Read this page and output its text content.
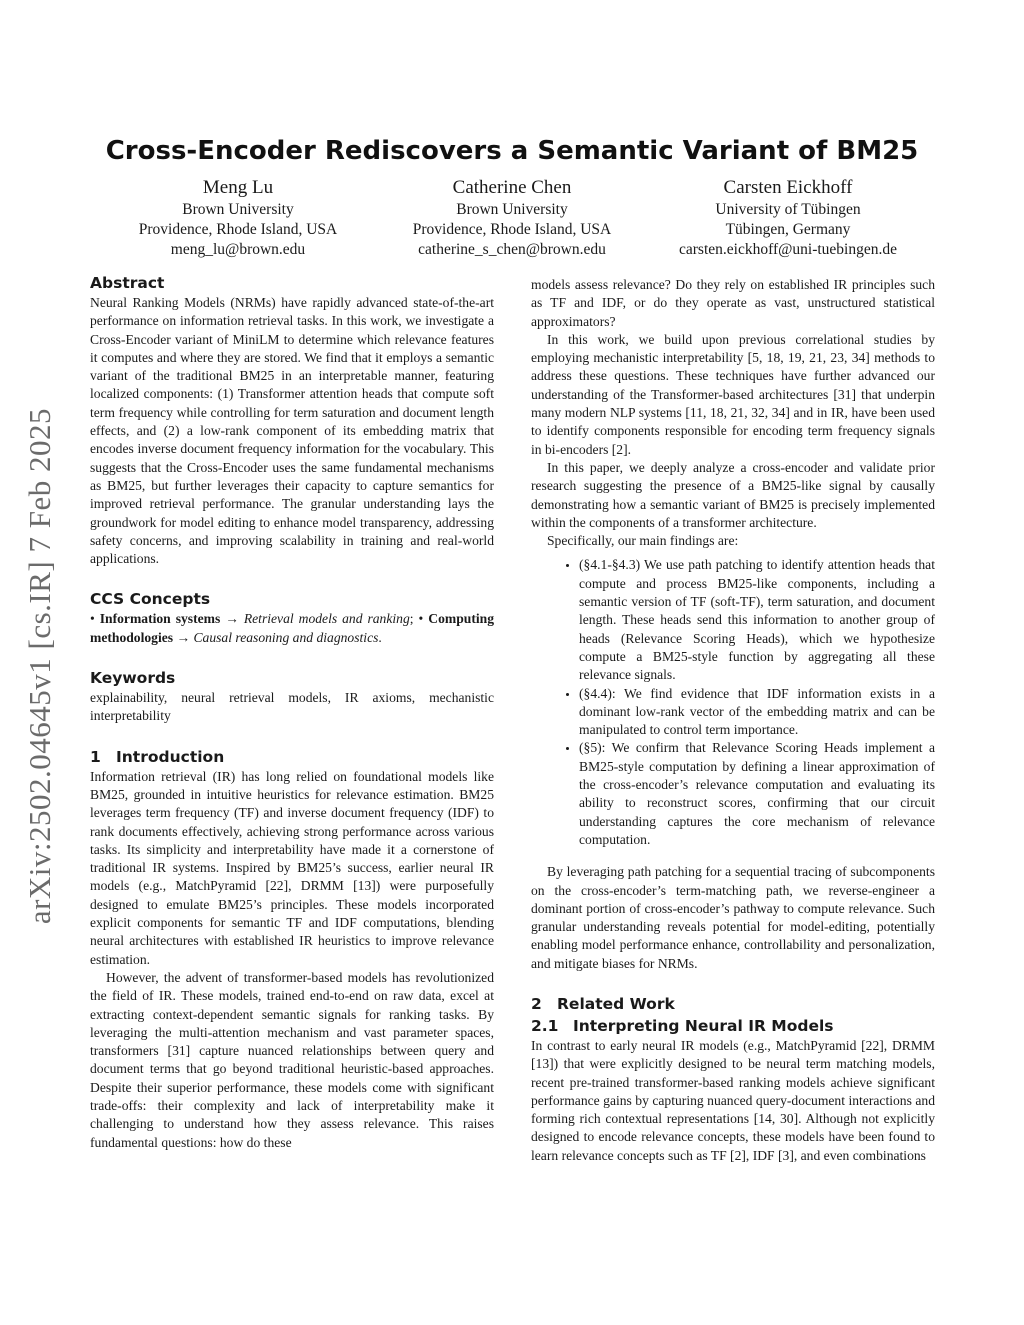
arXiv:2502.04645v1 [cs.IR] 7 Feb 2025
Cross-Encoder Rediscovers a Semantic Variant of BM25
Meng Lu
Brown University
Providence, Rhode Island, USA
meng_lu@brown.edu
Catherine Chen
Brown University
Providence, Rhode Island, USA
catherine_s_chen@brown.edu
Carsten Eickhoff
University of Tübingen
Tübingen, Germany
carsten.eickhoff@uni-tuebingen.de
Abstract

Neural Ranking Models (NRMs) have rapidly advanced state-of-the-art performance on information retrieval tasks. In this work, we investigate a Cross-Encoder variant of MiniLM to determine which relevance features it computes and where they are stored. We find that it employs a semantic variant of the traditional BM25 in an interpretable manner, featuring localized components: (1) Transformer attention heads that compute soft term frequency while controlling for term saturation and document length effects, and (2) a low-rank component of its embedding matrix that encodes inverse document frequency information for the vocabulary. This suggests that the Cross-Encoder uses the same fundamental mechanisms as BM25, but further leverages their capacity to capture semantics for improved retrieval performance. The granular understanding lays the groundwork for model editing to enhance model transparency, addressing safety concerns, and improving scalability in training and real-world applications.

CCS Concepts

• Information systems → Retrieval models and ranking; • Computing methodologies → Causal reasoning and diagnostics.

Keywords

explainability, neural retrieval models, IR axioms, mechanistic interpretability

1 Introduction

Information retrieval (IR) has long relied on foundational models like BM25, grounded in intuitive heuristics for relevance estimation. BM25 leverages term frequency (TF) and inverse document frequency (IDF) to rank documents effectively, achieving strong performance across various tasks. Its simplicity and interpretability have made it a cornerstone of traditional IR systems. Inspired by BM25’s success, earlier neural IR models (e.g., MatchPyramid [22], DRMM [13]) were purposefully designed to emulate BM25’s principles. These models incorporated explicit components for semantic TF and IDF computations, blending neural architectures with established IR heuristics to improve relevance estimation.

However, the advent of transformer-based models has revolutionized the field of IR. These models, trained end-to-end on raw data, excel at extracting context-dependent semantic signals for ranking tasks. By leveraging the multi-attention mechanism and vast parameter spaces, transformers [31] capture nuanced relationships between query and document terms that go beyond traditional heuristic-based approaches. Despite their superior performance, these models come with significant trade-offs: their complexity and lack of interpretability make it challenging to understand how they assess relevance. This raises fundamental questions: how do these

models assess relevance? Do they rely on established IR principles such as TF and IDF, or do they operate as vast, unstructured statistical approximators?

In this work, we build upon previous correlational studies by employing mechanistic interpretability [5, 18, 19, 21, 23, 34] methods to address these questions. These techniques have further advanced our understanding of the Transformer-based architectures [31] that underpin many modern NLP systems [11, 18, 21, 32, 34] and in IR, have been used to identify components responsible for encoding term frequency signals in bi-encoders [2].

In this paper, we deeply analyze a cross-encoder and validate prior research suggesting the presence of a BM25-like signal by causally demonstrating how a semantic variant of BM25 is precisely implemented within the components of a transformer architecture.

Specifically, our main findings are:

• (§4.1-§4.3) We use path patching to identify attention heads that compute and process BM25-like components, including a semantic version of TF (soft-TF), term saturation, and document length. These heads send this information to another group of heads (Relevance Scoring Heads), which we hypothesize compute a BM25-style function by aggregating all these relevance signals.
• (§4.4): We find evidence that IDF information exists in a dominant low-rank vector of the embedding matrix and can be manipulated to control term importance.
• (§5): We confirm that Relevance Scoring Heads implement a BM25-style computation by defining a linear approximation of the cross-encoder’s relevance computation and evaluating its ability to reconstruct scores, confirming that our circuit understanding captures the core mechanism of relevance computation.

By leveraging path patching for a sequential tracing of subcomponents on the cross-encoder’s term-matching path, we reverse-engineer a dominant portion of cross-encoder’s pathway to compute relevance. Such granular understanding reveals potential for model-editing, potentially enabling model performance enhance, controllability and personalization, and mitigate biases for NRMs.

2 Related Work
2.1 Interpreting Neural IR Models

In contrast to early neural IR models (e.g., MatchPyramid [22], DRMM [13]) that were explicitly designed to be neural term matching models, recent pre-trained transformer-based ranking models achieve significant performance gains by capturing nuanced query-document interactions and forming rich contextual representations [14, 30]. Although not explicitly designed to encode relevance concepts, these models have been found to learn relevance concepts such as TF [2], IDF [3], and even combinations
